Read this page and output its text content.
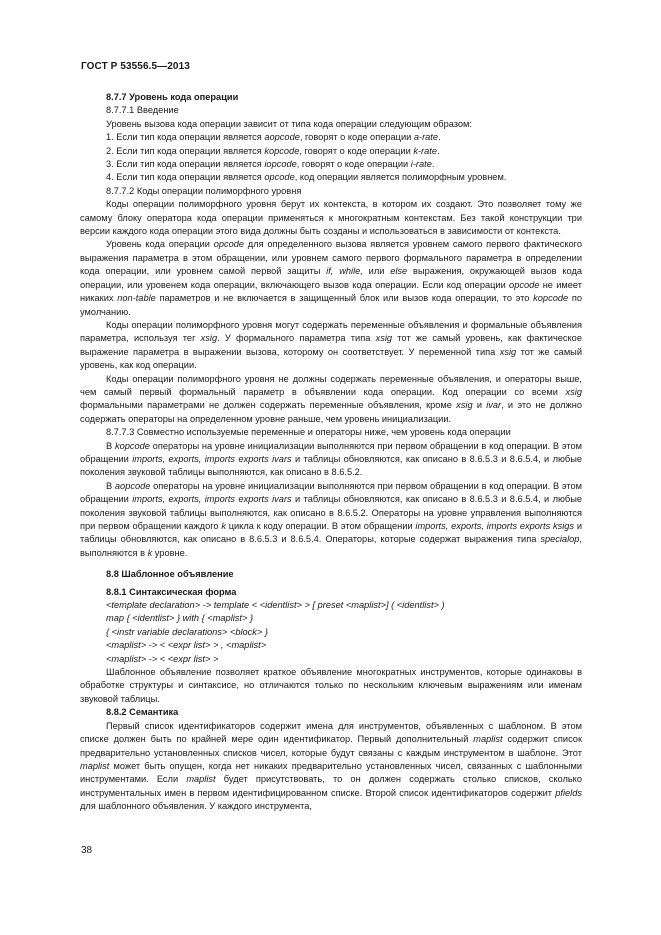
ГОСТ Р 53556.5—2013

8.7.7 Уровень кода операции

8.7.7.1 Введение

Уровень вызова кода операции зависит от типа кода операции следующим образом:

1. Если тип кода операции является aopcode, говорят о коде операции a-rate.

2. Если тип кода операции является kopcode, говорят о коде операции k-rate.

3. Если тип кода операции является iopcode, говорят о коде операции i-rate.

4. Если тип кода операции является opcode, код операции является полиморфным уровнем.

8.7.7.2 Коды операции полиморфного уровня

Коды операции полиморфного уровня берут их контекста, в котором их создают. Это позволяет тому же самому блоку оператора кода операции применяться к многократным контекстам. Без такой конструкции три версии каждого кода операции этого вида должны быть созданы и использоваться в зависимости от контекста.

Уровень кода операции opcode для определенного вызова является уровнем самого первого фактического выражения параметра в этом обращении, или уровнем самого первого формального параметра в определении кода операции, или уровнем самой первой защиты if, while, или else выражения, окружающей вызов кода операции, или уровенем кода операции, включающего вызов кода операции. Если код операции opcode не имеет никаких non-table параметров и не включается в защищенный блок или вызов кода операции, то это kopcode по умолчанию.

Коды операции полиморфного уровня могут содержать переменные объявления и формальные объявления параметра, используя тег xsig. У формального параметра типа xsig тот же самый уровень, как фактическое выражение параметра в выражении вызова, которому он соответствует. У переменной типа xsig тот же самый уровень, как код операции.

Коды операции полиморфного уровня не должны содержать переменные объявления, и операторы выше, чем самый первый формальный параметр в объявлении кода операции. Код операции со всеми xsig формальными параметрами не должен содержать переменные объявления, кроме xsig и ivar, и это не должно содержать операторы на определенном уровне раньше, чем уровень инициализации.

8.7.7.3 Совместно используемые переменные и операторы ниже, чем уровень кода операции

В kopcode операторы на уровне инициализации выполняются при первом обращении в код операции. В этом обращении imports, exports, imports exports ivars и таблицы обновляются, как описано в 8.6.5.3 и 8.6.5.4, и любые поколения звуковой таблицы выполняются, как описано в 8.6.5.2.

В aopcode операторы на уровне инициализации выполняются при первом обращении в код операции. В этом обращении imports, exports, imports exports ivars и таблицы обновляются, как описано в 8.6.5.3 и 8.6.5.4, и любые поколения звуковой таблицы выполняются, как описано в 8.6.5.2. Операторы на уровне управления выполняются при первом обращении каждого k цикла к коду операции. В этом обращении imports, exports, imports exports ksigs и таблицы обновляются, как описано в 8.6.5.3 и 8.6.5.4. Операторы, которые содержат выражения типа specialop, выполняются в k уровне.

8.8 Шаблонное объявление

8.8.1 Синтаксическая форма

<template declaration> -> template < <identlist> > [ preset <maplist>] ( <identlist> )

map { <identlist> } with { <maplist> }

{ <instr variable declarations> <block> }

<maplist> -> < <expr list> > , <maplist>

<maplist> -> < <expr list> >

Шаблонное объявление позволяет краткое объявление многократных инструментов, которые одинаковы в обработке структуры и синтаксисе, но отличаются только по нескольким ключевым выражениям или именам звуковой таблицы.

8.8.2 Семантика

Первый список идентификаторов содержит имена для инструментов, объявленных с шаблоном. В этом списке должен быть по крайней мере один идентификатор. Первый дополнительный maplist содержит список предварительно установленных списков чисел, которые будут связаны с каждым инструментом в шаблоне. Этот maplist может быть опущен, когда нет никаких предварительно установленных чисел, связанных с шаблонными инструментами. Если maplist будет присутствовать, то он должен содержать столько списков, сколько инструментальных имен в первом идентифицированном списке. Второй список идентификаторов содержит pfields для шаблонного объявления. У каждого инструмента,

38
